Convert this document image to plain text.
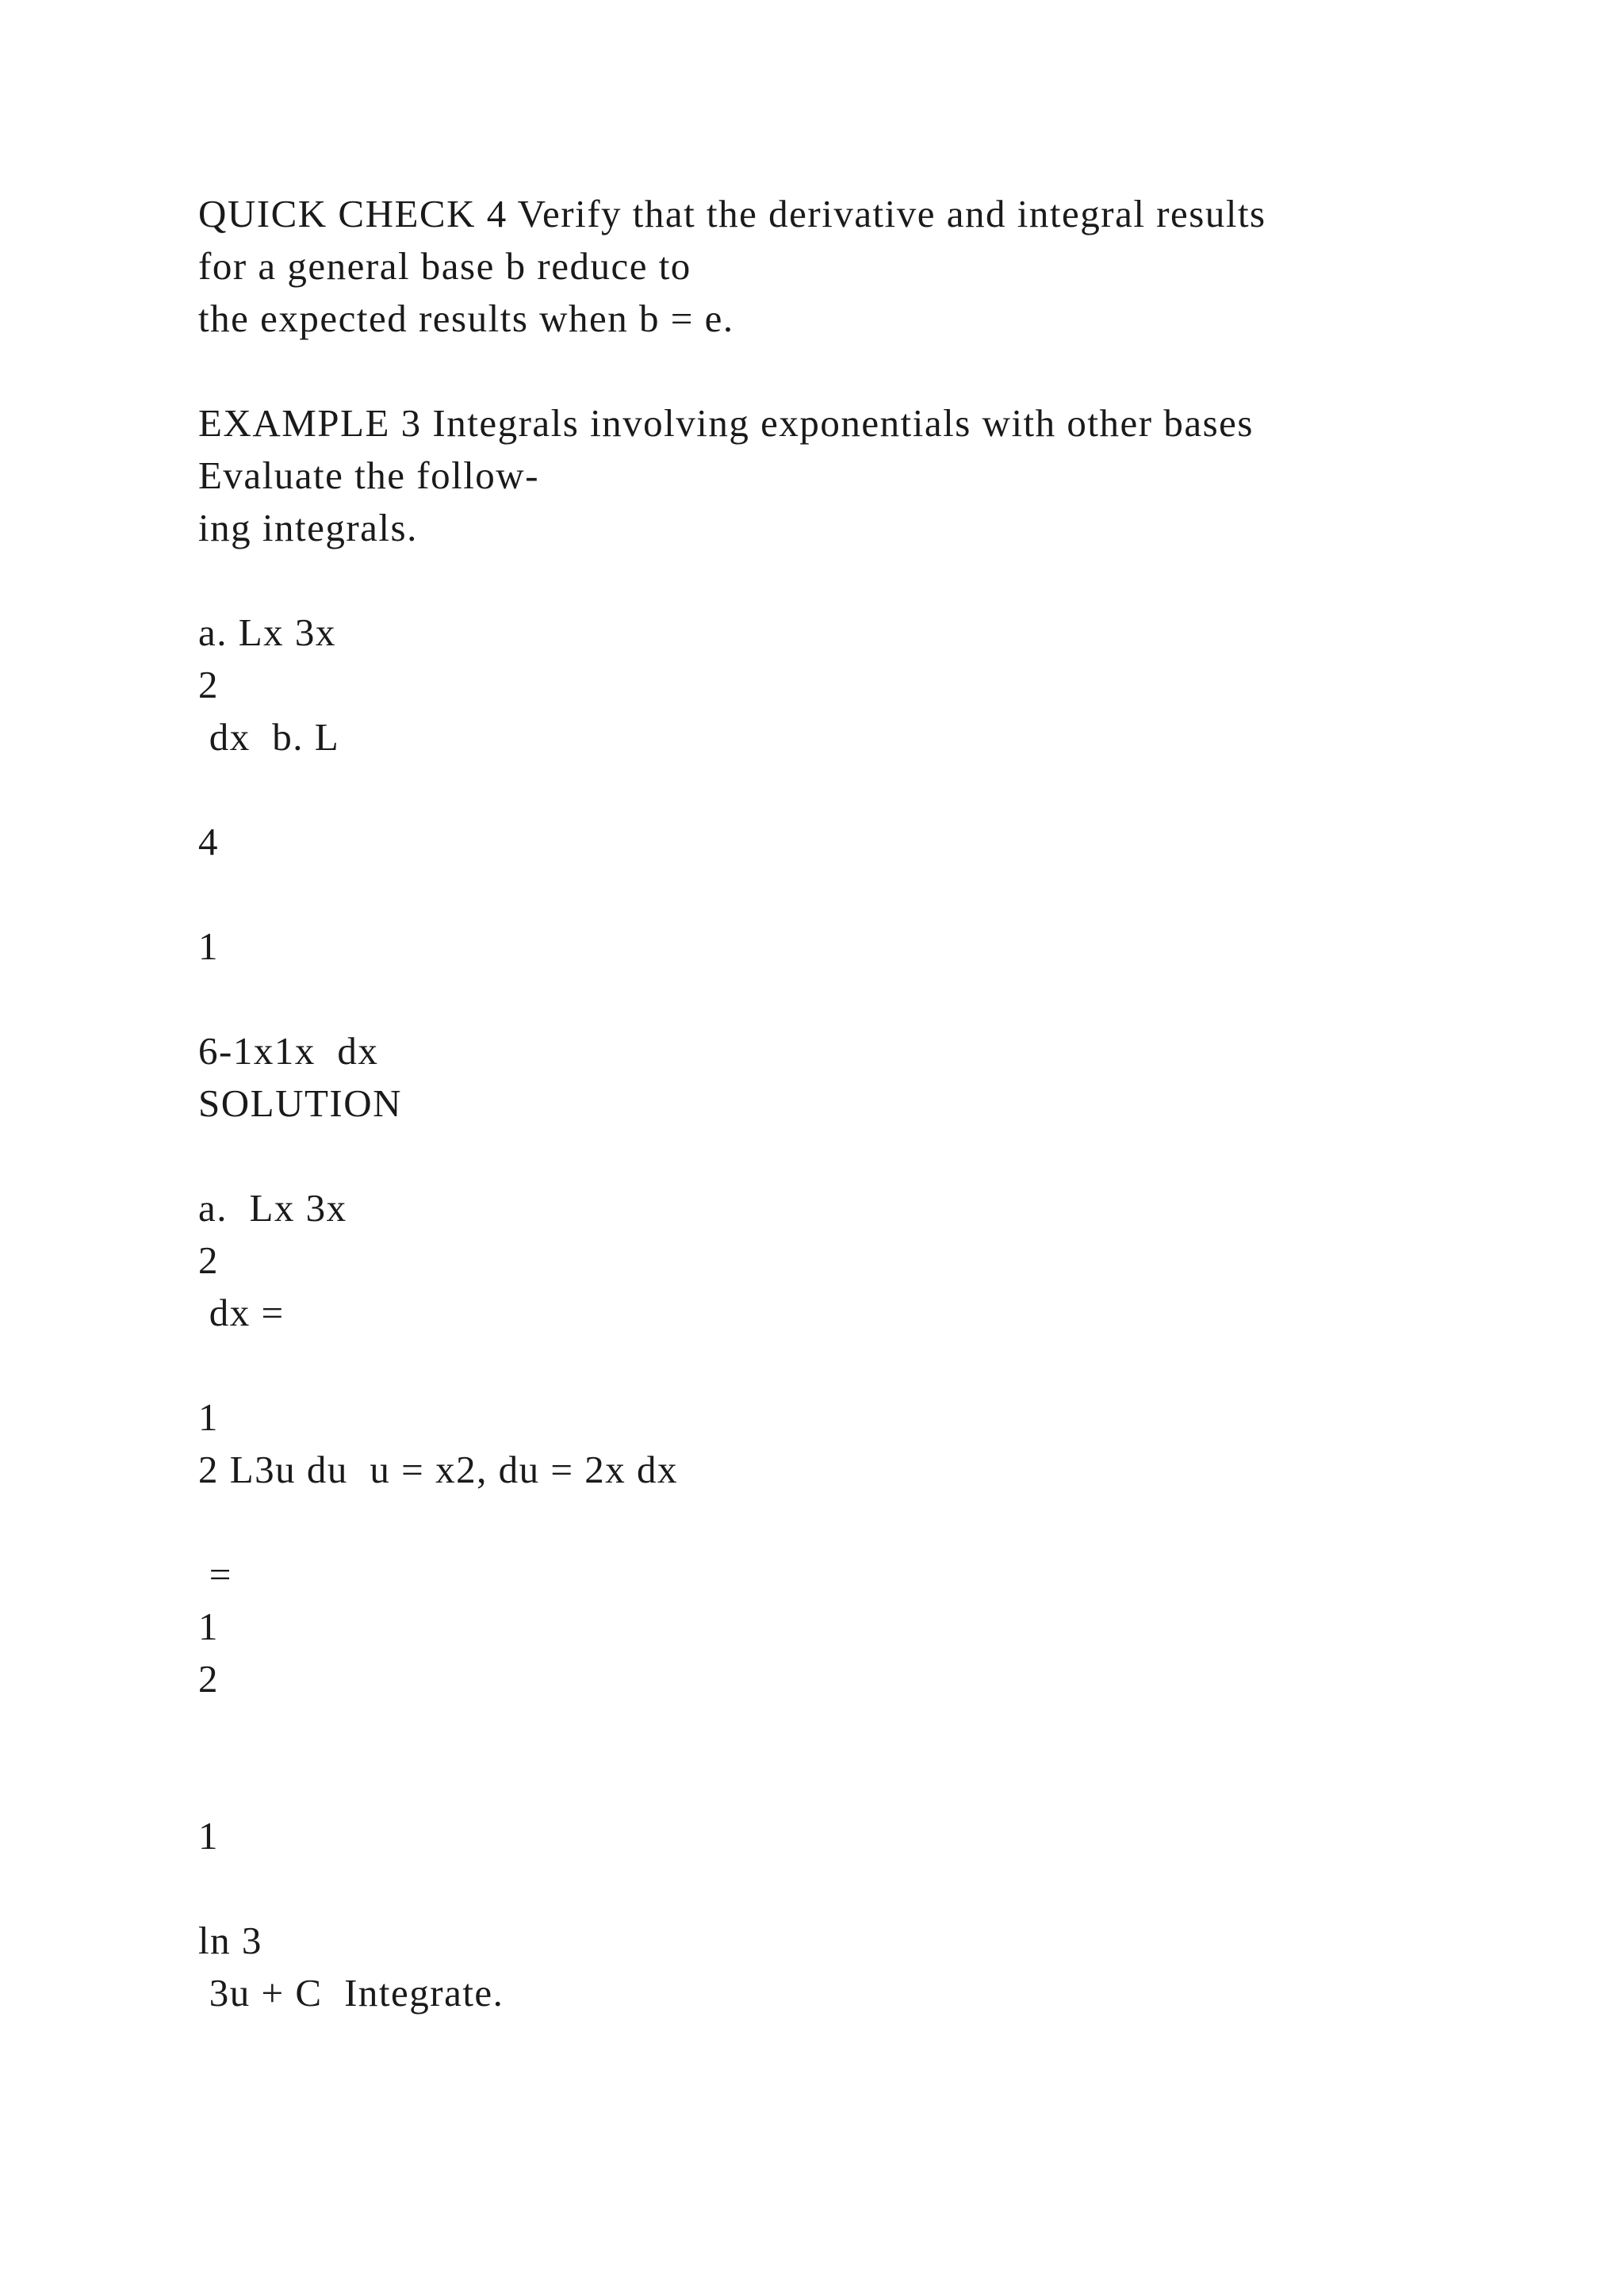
QUICK CHECK 4 Verify that the derivative and integral results
for a general base b reduce to
the expected results when b = e.
EXAMPLE 3 Integrals involving exponentials with other bases
Evaluate the follow-
ing integrals.
a. Lx 3x
2
dx  b. L
4
1
6-1x1x  dx
SOLUTION
a.  Lx 3x
2
dx =
1
2 L3u du  u = x2, du = 2x dx
=
1
2
1
ln 3
3u + C  Integrate.
